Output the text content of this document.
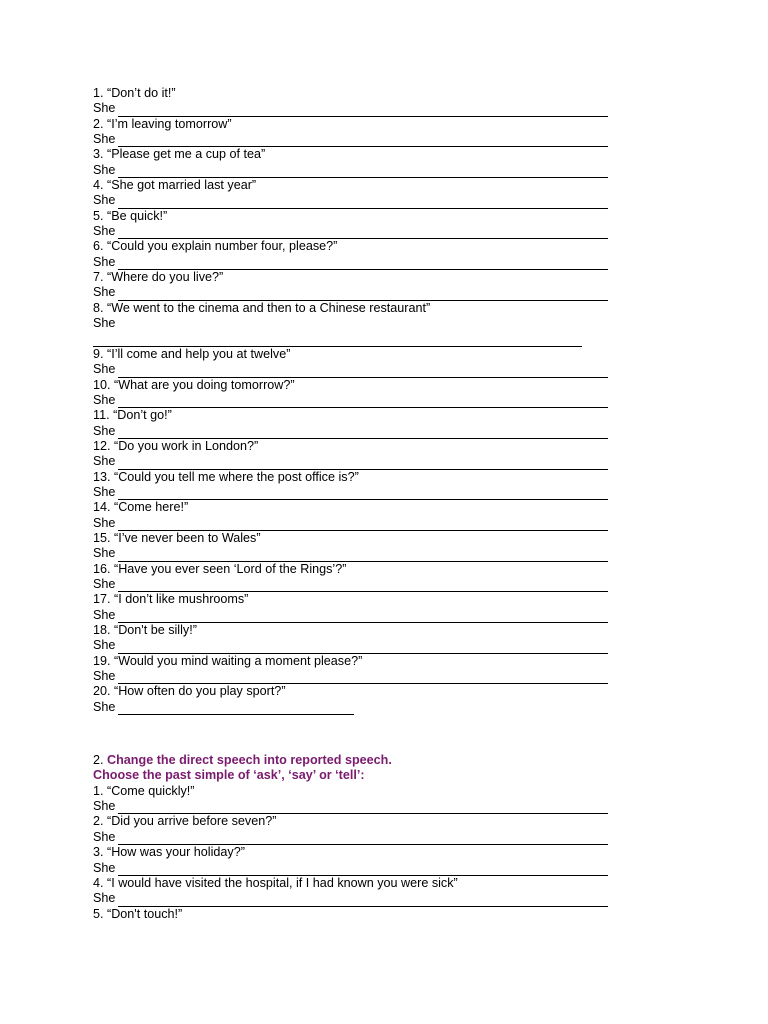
1. “Don’t do it!”
She
2. “I’m leaving tomorrow”
She
3. “Please get me a cup of tea”
She
4. “She got married last year”
She
5. “Be quick!”
She
6. “Could you explain number four, please?”
She
7. “Where do you live?”
She
8. “We went to the cinema and then to a Chinese restaurant”
She
9. “I’ll come and help you at twelve”
She
10. “What are you doing tomorrow?”
She
11. “Don’t go!”
She
12. “Do you work in London?”
She
13. “Could you tell me where the post office is?”
She
14. “Come here!”
She
15. “I’ve never been to Wales”
She
16. “Have you ever seen ‘Lord of the Rings’?”
She
17. “I don’t like mushrooms”
She
18. “Don't be silly!”
She
19. “Would you mind waiting a moment please?”
She
20. “How often do you play sport?”
She
2. Change the direct speech into reported speech.
Choose the past simple of ‘ask’, ‘say’ or ‘tell’:
1. “Come quickly!”
She
2. “Did you arrive before seven?”
She
3. “How was your holiday?”
She
4. “I would have visited the hospital, if I had known you were sick”
She
5. “Don't touch!”
